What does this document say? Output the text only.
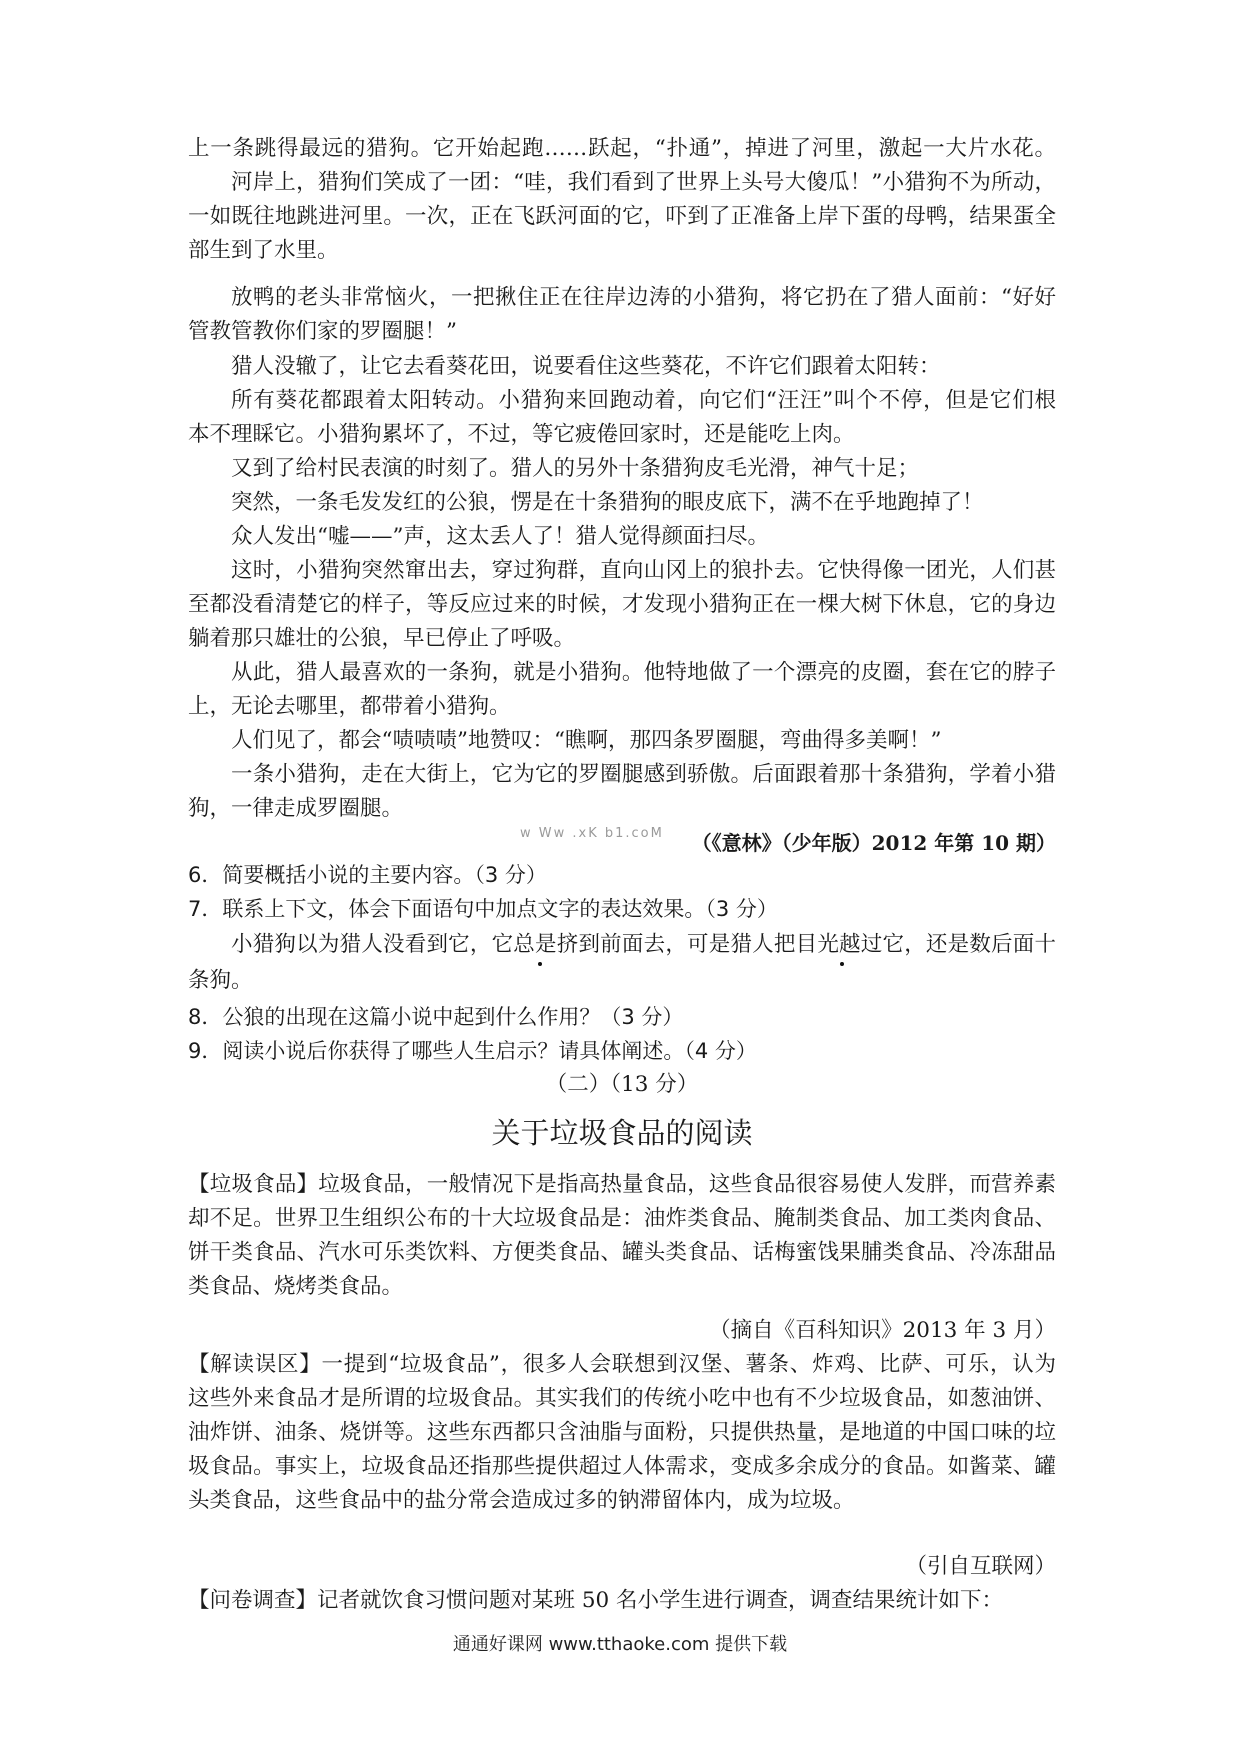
上一条跳得最远的猎狗。它开始起跑……跃起，“扑通”，掉进了河里，激起一大片水花。
河岸上，猎狗们笑成了一团：“哇，我们看到了世界上头号大傻瓜！”小猎狗不为所动，
一如既往地跳进河里。一次，正在飞跃河面的它，吓到了正准备上岸下蛋的母鸭，结果蛋全
部生到了水里。
放鸭的老头非常恼火，一把揪住正在往岸边涛的小猎狗，将它扔在了猎人面前：“好好
管教管教你们家的罗圈腿！”
猎人没辙了，让它去看葵花田，说要看住这些葵花，不许它们跟着太阳转：
所有葵花都跟着太阳转动。小猎狗来回跑动着，向它们“汪汪”叫个不停，但是它们根
本不理睬它。小猎狗累坏了，不过，等它疲倦回家时，还是能吃上肉。
又到了给村民表演的时刻了。猎人的另外十条猎狗皮毛光滑，神气十足；
突然，一条毛发发红的公狼，愣是在十条猎狗的眼皮底下，满不在乎地跑掉了！
众人发出“嘘——”声，这太丢人了！猎人觉得颜面扫尽。
这时，小猎狗突然窜出去，穿过狗群，直向山冈上的狼扑去。它快得像一团光，人们甚
至都没看清楚它的样子，等反应过来的时候，才发现小猎狗正在一棵大树下休息，它的身边
躺着那只雄壮的公狼，早已停止了呼吸。
从此，猎人最喜欢的一条狗，就是小猎狗。他特地做了一个漂亮的皮圈，套在它的脖子
上，无论去哪里，都带着小猎狗。
人们见了，都会“啧啧啧”地赞叹：“瞧啊，那四条罗圈腿，弯曲得多美啊！”
一条小猎狗，走在大街上，它为它的罗圈腿感到骄傲。后面跟着那十条猎狗，学着小猎
狗，一律走成罗圈腿。
（《意林》（少年版）2012 年第 10 期）
6．简要概括小说的主要内容。（3 分）
7．联系上下文，体会下面语句中加点文字的表达效果。（3 分）
小猎狗以为猎人没看到它，它总是挤到前面去，可是猎人把目光越过它，还是数后面十
条狗。
8．公狼的出现在这篇小说中起到什么作用？（3 分）
9．阅读小说后你获得了哪些人生启示？请具体阐述。（4 分）
（二）（13 分）
关于垃圾食品的阅读
【垃圾食品】垃圾食品，一般情况下是指高热量食品，这些食品很容易使人发胖，而营养素
却不足。世界卫生组织公布的十大垃圾食品是：油炸类食品、腌制类食品、加工类肉食品、
饼干类食品、汽水可乐类饮料、方便类食品、罐头类食品、话梅蜜饯果脯类食品、冷冻甜品
类食品、烧烤类食品。
（摘自《百科知识》2013 年 3 月）
【解读误区】一提到“垃圾食品”，很多人会联想到汉堡、薯条、炸鸡、比萨、可乐，认为
这些外来食品才是所谓的垃圾食品。其实我们的传统小吃中也有不少垃圾食品，如葱油饼、
油炸饼、油条、烧饼等。这些东西都只含油脂与面粉，只提供热量，是地道的中国口味的垃
圾食品。事实上，垃圾食品还指那些提供超过人体需求，变成多余成分的食品。如酱菜、罐
头类食品，这些食品中的盐分常会造成过多的钠滞留体内，成为垃圾。
（引自互联网）
【问卷调查】记者就饮食习惯问题对某班 50 名小学生进行调查，调查结果统计如下：
w Ww .xK b1.coM
通通好课网 www.tthaoke.com 提供下载
